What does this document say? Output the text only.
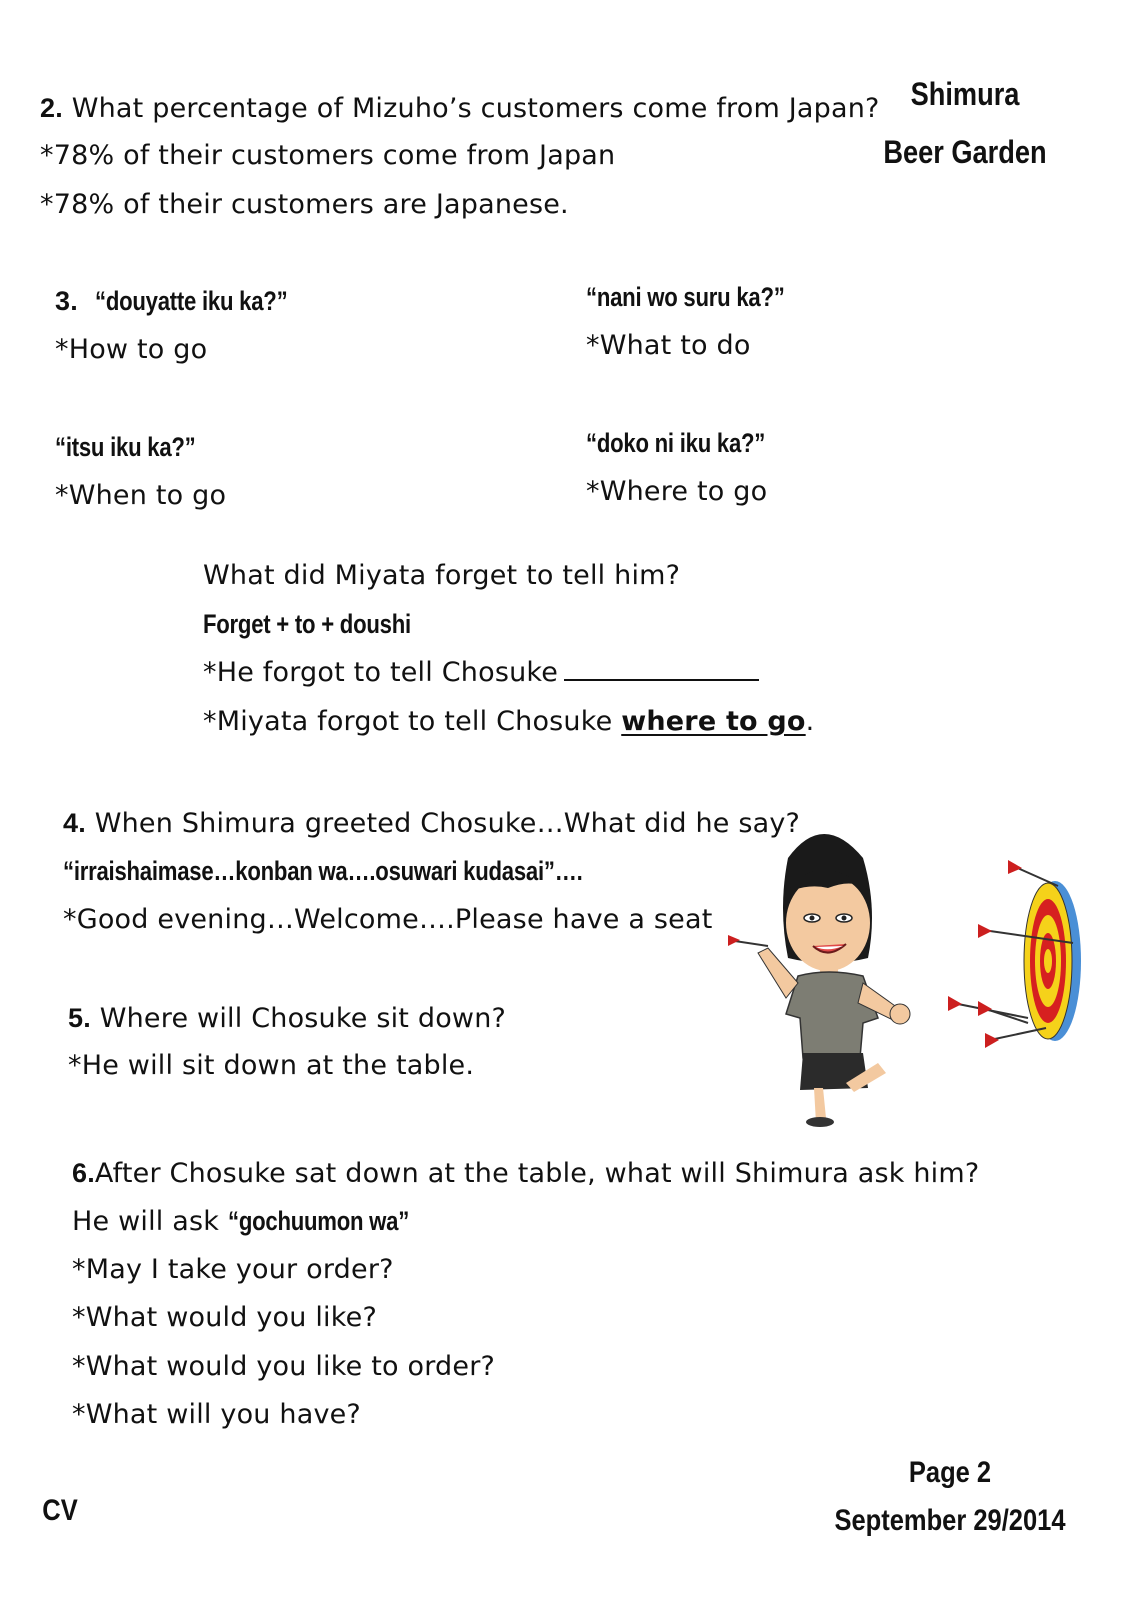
Shimura
Beer Garden
2. What percentage of Mizuho’s customers come from Japan?
*78% of their customers come from Japan
*78% of their customers are Japanese.
3. “douyatte iku ka?”
*How to go
“nani wo suru ka?”
*What to do
“itsu iku ka?”
*When to go
“doko ni iku ka?”
*Where to go
What did Miyata forget to tell him?
Forget + to + doushi
*He forgot to tell Chosuke
*Miyata forgot to tell Chosuke where to go.
4. When Shimura greeted Chosuke…What did he say?
“irraishaimase…konban wa….osuwari kudasai”….
*Good evening…Welcome….Please have a seat
5. Where will Chosuke sit down?
*He will sit down at the table.
6.After Chosuke sat down at the table, what will Shimura ask him?
He will ask “gochuumon wa”
*May I take your order?
*What would you like?
*What would you like to order?
*What will you have?
CV
Page 2
September 29/2014
